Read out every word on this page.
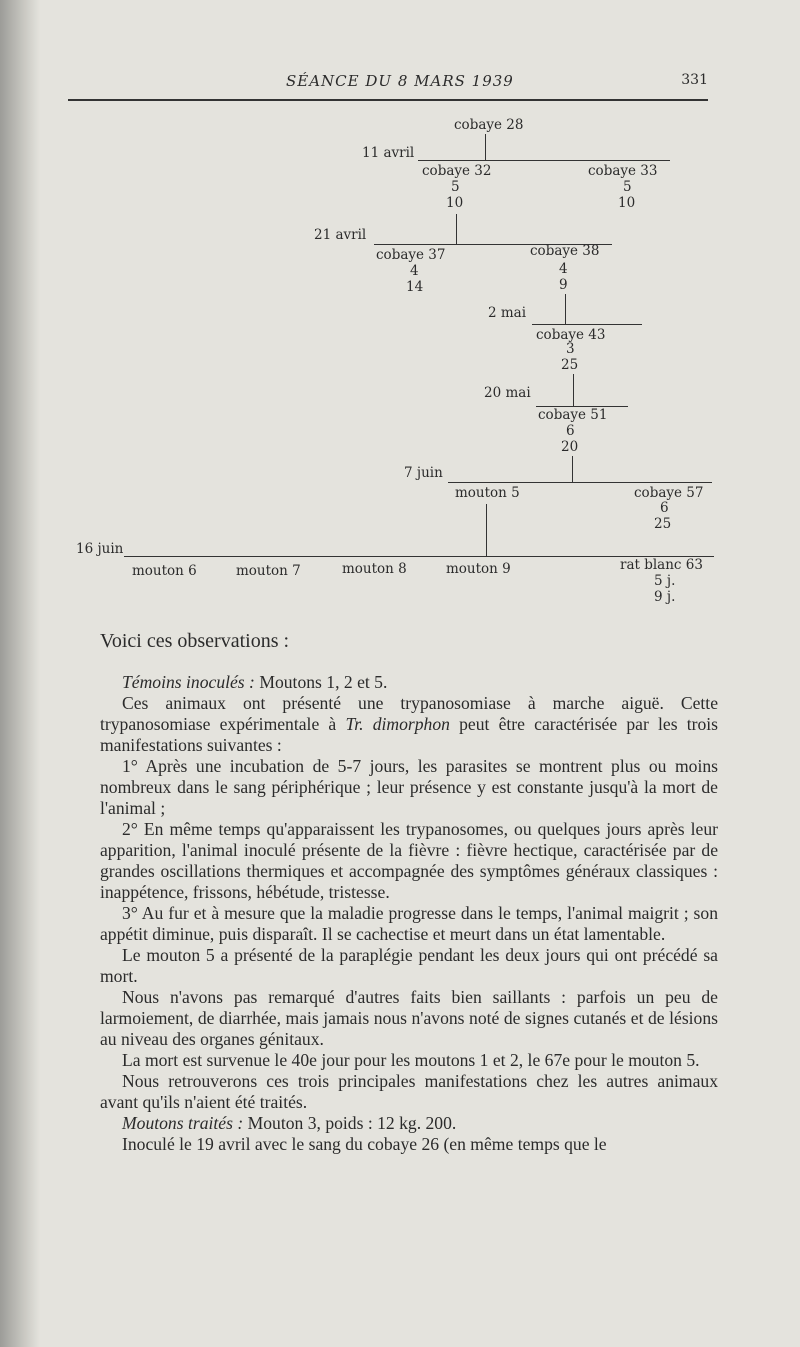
SÉANCE DU 8 MARS 1939	331
cobaye 28
11 avril
cobaye 32
5
10
cobaye 33
5
10
21 avril
cobaye 37
4
14
cobaye 38
4
9
2 mai
cobaye 43
3
25
20 mai
cobaye 51
6
20
7 juin
mouton 5	cobaye 57
6
25
16 juin
mouton 6	mouton 7	mouton 8	mouton 9	rat blanc 63
5 j.
9 j.
Voici ces observations :

Témoins inoculés : Moutons 1, 2 et 5.

Ces animaux ont présenté une trypanosomiase à marche aiguë. Cette trypanosomiase expérimentale à Tr. dimorphon peut être caractérisée par les trois manifestations suivantes :

1° Après une incubation de 5-7 jours, les parasites se montrent plus ou moins nombreux dans le sang périphérique ; leur présence y est constante jusqu'à la mort de l'animal ;

2° En même temps qu'apparaissent les trypanosomes, ou quelques jours après leur apparition, l'animal inoculé présente de la fièvre : fièvre hectique, caractérisée par de grandes oscillations thermiques et accompagnée des symptômes généraux classiques : inappétence, frissons, hébétude, tristesse.

3° Au fur et à mesure que la maladie progresse dans le temps, l'animal maigrit ; son appétit diminue, puis disparaît. Il se cachectise et meurt dans un état lamentable.

Le mouton 5 a présenté de la paraplégie pendant les deux jours qui ont précédé sa mort.

Nous n'avons pas remarqué d'autres faits bien saillants : parfois un peu de larmoiement, de diarrhée, mais jamais nous n'avons noté de signes cutanés et de lésions au niveau des organes génitaux.

La mort est survenue le 40e jour pour les moutons 1 et 2, le 67e pour le mouton 5.

Nous retrouverons ces trois principales manifestations chez les autres animaux avant qu'ils n'aient été traités.

Moutons traités : Mouton 3, poids : 12 kg. 200.

Inoculé le 19 avril avec le sang du cobaye 26 (en même temps que le
